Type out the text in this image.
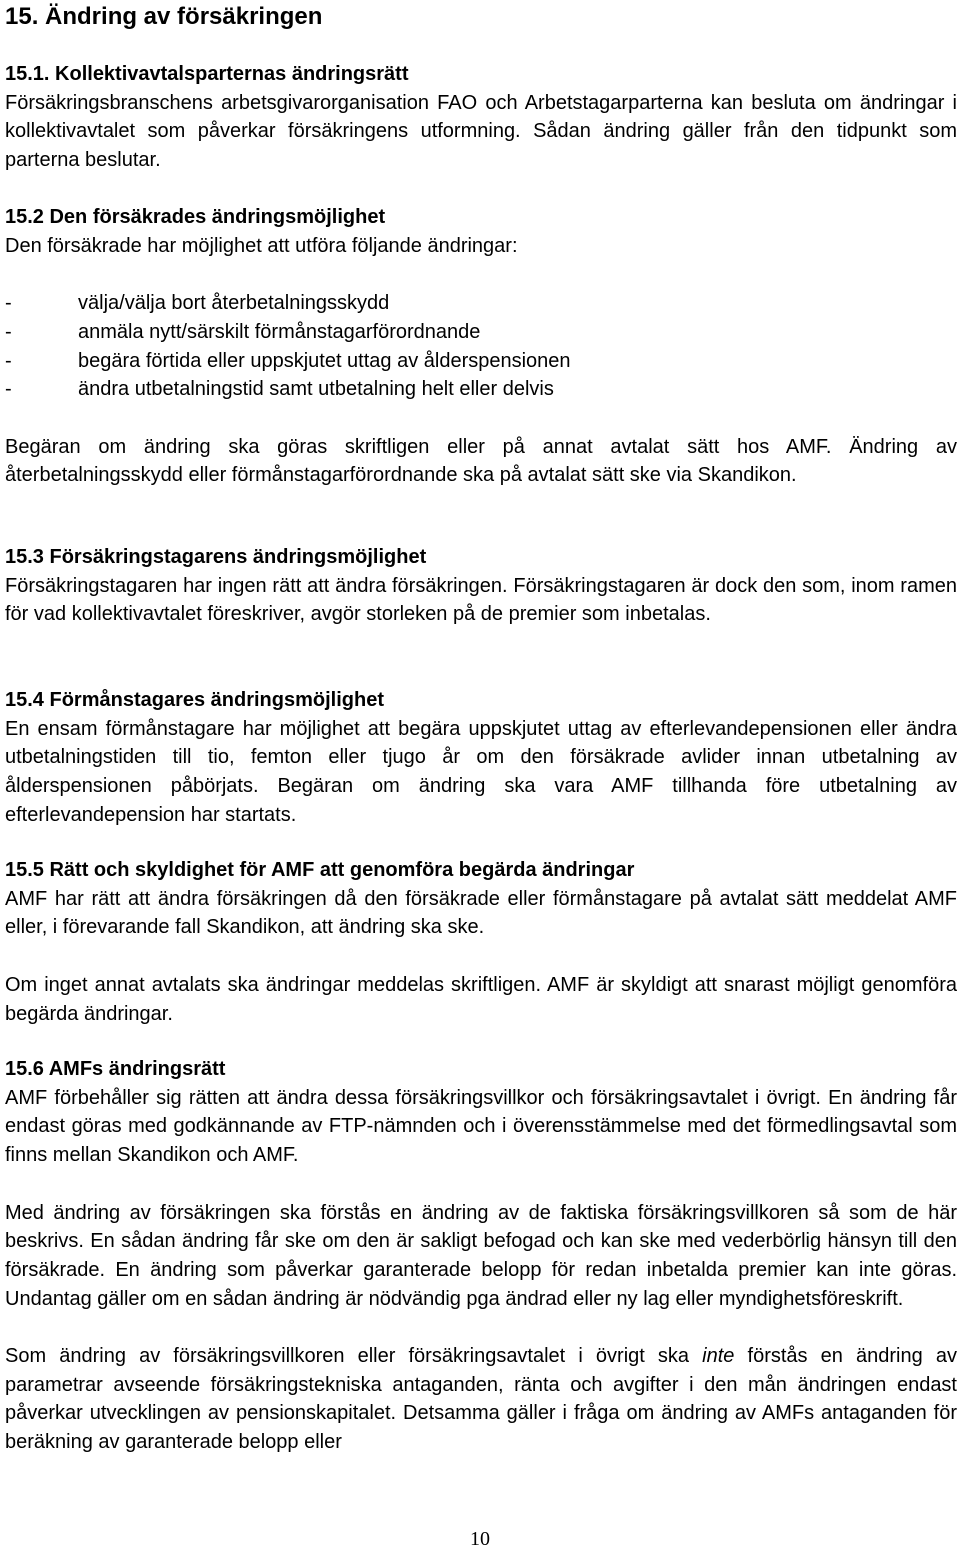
15. Ändring av försäkringen
15.1. Kollektivavtalsparternas ändringsrätt

Försäkringsbranschens arbetsgivarorganisation FAO och Arbetstagarparterna kan besluta om ändringar i kollektivavtalet som påverkar försäkringens utformning. Sådan ändring gäller från den tidpunkt som parterna beslutar.

15.2 Den försäkrades ändringsmöjlighet

Den försäkrade har möjlighet att utföra följande ändringar:

-	välja/välja bort återbetalningsskydd
-	anmäla nytt/särskilt förmånstagarförordnande
-	begära förtida eller uppskjutet uttag av ålderspensionen
-	ändra utbetalningstid samt utbetalning helt eller delvis

Begäran om ändring ska göras skriftligen eller på annat avtalat sätt hos AMF. Ändring av återbetalningsskydd eller förmånstagarförordnande ska på avtalat sätt ske via Skandikon.

15.3 Försäkringstagarens ändringsmöjlighet

Försäkringstagaren har ingen rätt att ändra försäkringen. Försäkringstagaren är dock den som, inom ramen för vad kollektivavtalet föreskriver, avgör storleken på de premier som inbetalas.

15.4 Förmånstagares ändringsmöjlighet

En ensam förmånstagare har möjlighet att begära uppskjutet uttag av efterlevandepensionen eller ändra utbetalningstiden till tio, femton eller tjugo år om den försäkrade avlider innan utbetalning av ålderspensionen påbörjats. Begäran om ändring ska vara AMF tillhanda före utbetalning av efterlevandepension har startats.

15.5 Rätt och skyldighet för AMF att genomföra begärda ändringar

AMF har rätt att ändra försäkringen då den försäkrade eller förmånstagare på avtalat sätt meddelat AMF eller, i förevarande fall Skandikon, att ändring ska ske.

Om inget annat avtalats ska ändringar meddelas skriftligen. AMF är skyldigt att snarast möjligt genomföra begärda ändringar.

15.6 AMFs ändringsrätt

AMF förbehåller sig rätten att ändra dessa försäkringsvillkor och försäkringsavtalet i övrigt. En ändring får endast göras med godkännande av FTP-nämnden och i överensstämmelse med det förmedlingsavtal som finns mellan Skandikon och AMF.

Med ändring av försäkringen ska förstås en ändring av de faktiska försäkringsvillkoren så som de här beskrivs. En sådan ändring får ske om den är sakligt befogad och kan ske med vederbörlig hänsyn till den försäkrade. En ändring som påverkar garanterade belopp för redan inbetalda premier kan inte göras. Undantag gäller om en sådan ändring är nödvändig pga ändrad eller ny lag eller myndighetsföreskrift.

Som ändring av försäkringsvillkoren eller försäkringsavtalet i övrigt ska inte förstås en ändring av parametrar avseende försäkringstekniska antaganden, ränta och avgifter i den mån ändringen endast påverkar utvecklingen av pensionskapitalet. Detsamma gäller i fråga om ändring av AMFs antaganden för beräkning av garanterade belopp eller

10
